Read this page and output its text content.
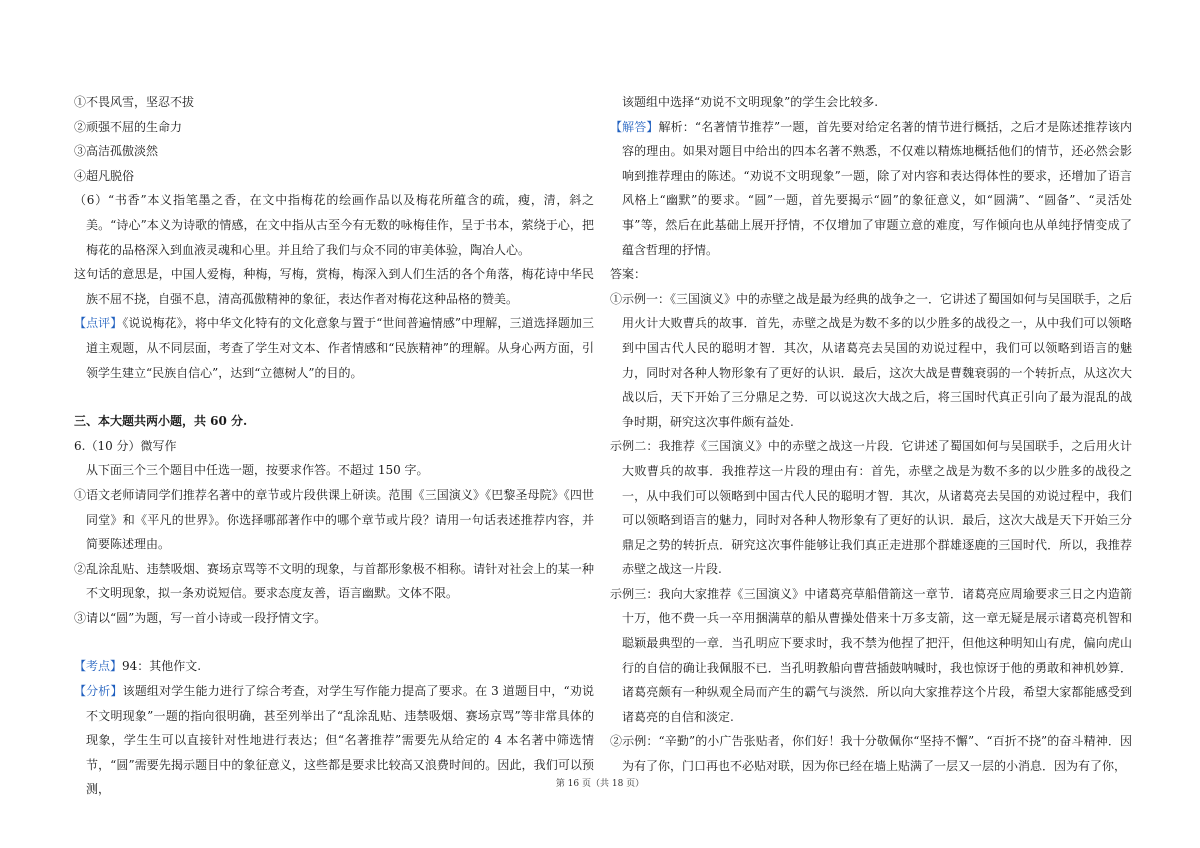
①不畏风雪，坚忍不拔

②顽强不屈的生命力

③高洁孤傲淡然

④超凡脱俗

（6）“书香”本义指笔墨之香，在文中指梅花的绘画作品以及梅花所蕴含的疏，瘦，清，斜之美。“诗心”本义为诗歌的情感，在文中指从古至今有无数的咏梅佳作，呈于书本，萦绕于心，把梅花的品格深入到血液灵魂和心里。并且给了我们与众不同的审美体验，陶冶人心。

这句话的意思是，中国人爱梅，种梅，写梅，赏梅，梅深入到人们生活的各个角落，梅花诗中华民族不屈不挠，自强不息，清高孤傲精神的象征，表达作者对梅花这种品格的赞美。

【点评】《说说梅花》，将中华文化特有的文化意象与置于“世间普遍情感”中理解，三道选择题加三道主观题，从不同层面，考查了学生对文本、作者情感和“民族精神”的理解。从身心两方面，引领学生建立“民族自信心”，达到“立德树人”的目的。

三、本大题共两小题，共 60 分.

6.（10 分）微写作

从下面三个三个题目中任选一题，按要求作答。不超过 150 字。

①语文老师请同学们推荐名著中的章节或片段供课上研读。范围《三国演义》《巴黎圣母院》《四世同堂》和《平凡的世界》。你选择哪部著作中的哪个章节或片段？请用一句话表述推荐内容，并简要陈述理由。

②乱涂乱贴、违禁吸烟、赛场京骂等不文明的现象，与首都形象极不相称。请针对社会上的某一种不文明现象，拟一条劝说短信。要求态度友善，语言幽默。文体不限。

③请以“圆”为题，写一首小诗或一段抒情文字。

【考点】94：其他作文.

【分析】该题组对学生能力进行了综合考查，对学生写作能力提高了要求。在 3 道题目中，“劝说不文明现象”一题的指向很明确，甚至列举出了“乱涂乱贴、违禁吸烟、赛场京骂”等非常具体的现象，学生生可以直接针对性地进行表达；但“名著推荐”需要先从给定的 4 本名著中筛选情节，“圆”需要先揭示题目中的象征意义，这些都是要求比较高又浪费时间的。因此，我们可以预测，

该题组中选择“劝说不文明现象”的学生会比较多.

【解答】解析：“名著情节推荐”一题，首先要对给定名著的情节进行概括，之后才是陈述推荐该内容的理由。如果对题目中给出的四本名著不熟悉，不仅难以精炼地概括他们的情节，还必然会影响到推荐理由的陈述。“劝说不文明现象”一题，除了对内容和表达得体性的要求，还增加了语言风格上“幽默”的要求。“圆”一题，首先要揭示“圆”的象征意义，如“圆满”、“圆备”、“灵活处事”等，然后在此基础上展开抒情，不仅增加了审题立意的难度，写作倾向也从单纯抒情变成了蕴含哲理的抒情。

答案：

①示例一：《三国演义》中的赤壁之战是最为经典的战争之一．它讲述了蜀国如何与吴国联手，之后用火计大败曹兵的故事．首先，赤壁之战是为数不多的以少胜多的战役之一，从中我们可以领略到中国古代人民的聪明才智．其次，从诸葛亮去吴国的劝说过程中，我们可以领略到语言的魅力，同时对各种人物形象有了更好的认识．最后，这次大战是曹魏衰弱的一个转折点，从这次大战以后，天下开始了三分鼎足之势．可以说这次大战之后，将三国时代真正引向了最为混乱的战争时期，研究这次事件颇有益处.

示例二：我推荐《三国演义》中的赤壁之战这一片段．它讲述了蜀国如何与吴国联手，之后用火计大败曹兵的故事．我推荐这一片段的理由有：首先，赤壁之战是为数不多的以少胜多的战役之一，从中我们可以领略到中国古代人民的聪明才智．其次，从诸葛亮去吴国的劝说过程中，我们可以领略到语言的魅力，同时对各种人物形象有了更好的认识．最后，这次大战是天下开始三分鼎足之势的转折点．研究这次事件能够让我们真正走进那个群雄逐鹿的三国时代．所以，我推荐赤壁之战这一片段.

示例三：我向大家推荐《三国演义》中诸葛亮草船借箭这一章节．诸葛亮应周瑜要求三日之内造箭十万，他不费一兵一卒用捆满草的船从曹操处借来十万多支箭，这一章无疑是展示诸葛亮机智和聪颖最典型的一章．当孔明应下要求时，我不禁为他捏了把汗，但他这种明知山有虎，偏向虎山行的自信的确让我佩服不已．当孔明教船向曹营插鼓呐喊时，我也惊讶于他的勇敢和神机妙算．诸葛亮颇有一种纵观全局而产生的霸气与淡然．所以向大家推荐这个片段，希望大家都能感受到诸葛亮的自信和淡定.

②示例：“辛勤”的小广告张贴者，你们好！我十分敬佩你“坚持不懈”、“百折不挠”的奋斗精神．因为有了你，门口再也不必贴对联，因为你已经在墙上贴满了一层又一层的小消息．因为有了你，

第 16 页（共 18 页）
